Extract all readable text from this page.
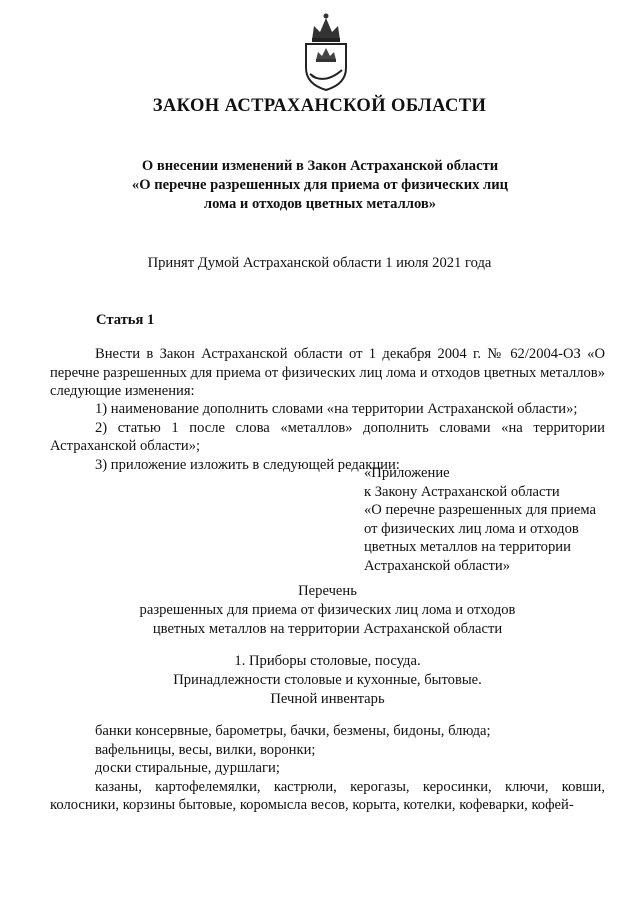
ЗАКОН АСТРАХАНСКОЙ ОБЛАСТИ
О внесении изменений в Закон Астраханской области
«О перечне разрешенных для приема от физических лиц
лома и отходов цветных металлов»
Принят Думой Астраханской области 1 июля 2021 года
Статья 1
Внести в Закон Астраханской области от 1 декабря 2004 г. № 62/2004-ОЗ «О перечне разрешенных для приема от физических лиц лома и отходов цветных металлов» следующие изменения:
1) наименование дополнить словами «на территории Астраханской области»;
2) статью 1 после слова «металлов» дополнить словами «на территории Астраханской области»;
3) приложение изложить в следующей редакции:
«Приложение
к Закону Астраханской области
«О перечне разрешенных для приема
от физических лиц лома и отходов
цветных металлов на территории
Астраханской области»
Перечень
разрешенных для приема от физических лиц лома и отходов
цветных металлов на территории Астраханской области
1. Приборы столовые, посуда.
Принадлежности столовые и кухонные, бытовые.
Печной инвентарь
банки консервные, барометры, бачки, безмены, бидоны, блюда;
вафельницы, весы, вилки, воронки;
доски стиральные, дуршлаги;
казаны, картофелемялки, кастрюли, керогазы, керосинки, ключи, ковши, колосники, корзины бытовые, коромысла весов, корыта, котелки, кофеварки, кофей-
